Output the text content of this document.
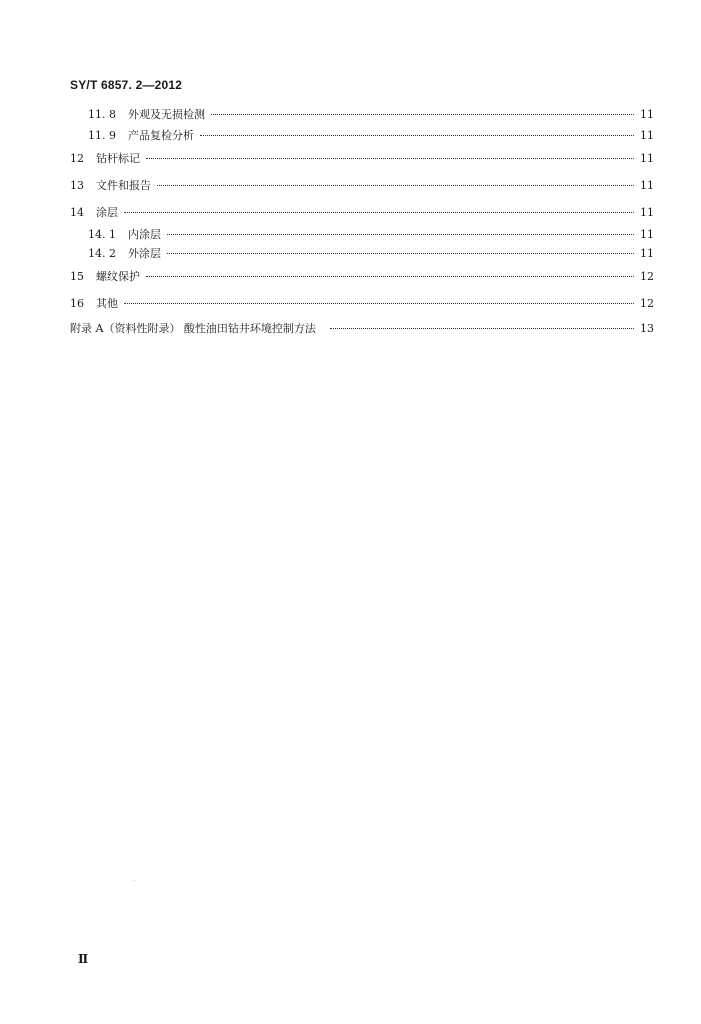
SY/T 6857. 2—2012
11. 8 外观及无损检测	11
11. 9 产品复检分析	11
12 钻杆标记	11
13 文件和报告	11
14 涂层	11
14. 1 内涂层	11
14. 2 外涂层	11
15 螺纹保护	12
16 其他	12
附录 A（资料性附录） 酸性油田钻井环境控制方法	13
Ⅱ
